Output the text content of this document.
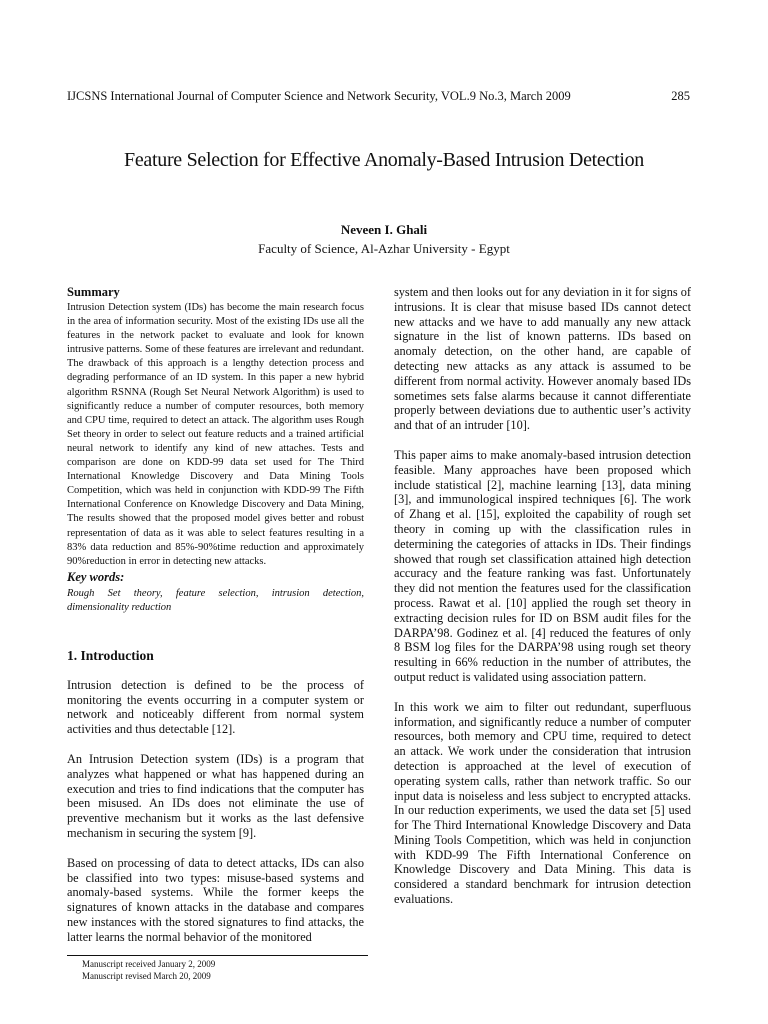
IJCSNS International Journal of Computer Science and Network Security, VOL.9 No.3, March 2009	285
Feature Selection for Effective Anomaly-Based Intrusion Detection
Neveen I. Ghali
Faculty of Science, Al-Azhar University - Egypt
Summary

Intrusion Detection system (IDs) has become the main research focus in the area of information security. Most of the existing IDs use all the features in the network packet to evaluate and look for known intrusive patterns. Some of these features are irrelevant and redundant. The drawback of this approach is a lengthy detection process and degrading performance of an ID system. In this paper a new hybrid algorithm RSNNA (Rough Set Neural Network Algorithm) is used to significantly reduce a number of computer resources, both memory and CPU time, required to detect an attack. The algorithm uses Rough Set theory in order to select out feature reducts and a trained artificial neural network to identify any kind of new attaches. Tests and comparison are done on KDD-99 data set used for The Third International Knowledge Discovery and Data Mining Tools Competition, which was held in conjunction with KDD-99 The Fifth International Conference on Knowledge Discovery and Data Mining, The results showed that the proposed model gives better and robust representation of data as it was able to select features resulting in a 83% data reduction and 85%-90%time reduction and approximately 90%reduction in error in detecting new attacks.

Key words:

Rough Set theory, feature selection, intrusion detection, dimensionality reduction

1. Introduction

Intrusion detection is defined to be the process of monitoring the events occurring in a computer system or network and noticeably different from normal system activities and thus detectable [12].

An Intrusion Detection system (IDs) is a program that analyzes what happened or what has happened during an execution and tries to find indications that the computer has been misused. An IDs does not eliminate the use of preventive mechanism but it works as the last defensive mechanism in securing the system [9].

Based on processing of data to detect attacks, IDs can also be classified into two types: misuse-based systems and anomaly-based systems. While the former keeps the signatures of known attacks in the database and compares new instances with the stored signatures to find attacks, the latter learns the normal behavior of the monitored

system and then looks out for any deviation in it for signs of intrusions. It is clear that misuse based IDs cannot detect new attacks and we have to add manually any new attack signature in the list of known patterns. IDs based on anomaly detection, on the other hand, are capable of detecting new attacks as any attack is assumed to be different from normal activity. However anomaly based IDs sometimes sets false alarms because it cannot differentiate properly between deviations due to authentic user’s activity and that of an intruder [10].

This paper aims to make anomaly-based intrusion detection feasible. Many approaches have been proposed which include statistical [2], machine learning [13], data mining [3], and immunological inspired techniques [6]. The work of Zhang et al. [15], exploited the capability of rough set theory in coming up with the classification rules in determining the categories of attacks in IDs. Their findings showed that rough set classification attained high detection accuracy and the feature ranking was fast. Unfortunately they did not mention the features used for the classification process. Rawat et al. [10] applied the rough set theory in extracting decision rules for ID on BSM audit files for the DARPA’98. Godinez et al. [4] reduced the features of only 8 BSM log files for the DARPA’98 using rough set theory resulting in 66% reduction in the number of attributes, the output reduct is validated using association pattern.

In this work we aim to filter out redundant, superfluous information, and significantly reduce a number of computer resources, both memory and CPU time, required to detect an attack. We work under the consideration that intrusion detection is approached at the level of execution of operating system calls, rather than network traffic. So our input data is noiseless and less subject to encrypted attacks. In our reduction experiments, we used the data set [5] used for The Third International Knowledge Discovery and Data Mining Tools Competition, which was held in conjunction with KDD-99 The Fifth International Conference on Knowledge Discovery and Data Mining. This data is considered a standard benchmark for intrusion detection evaluations.

Manuscript received January 2, 2009
Manuscript revised March 20, 2009
